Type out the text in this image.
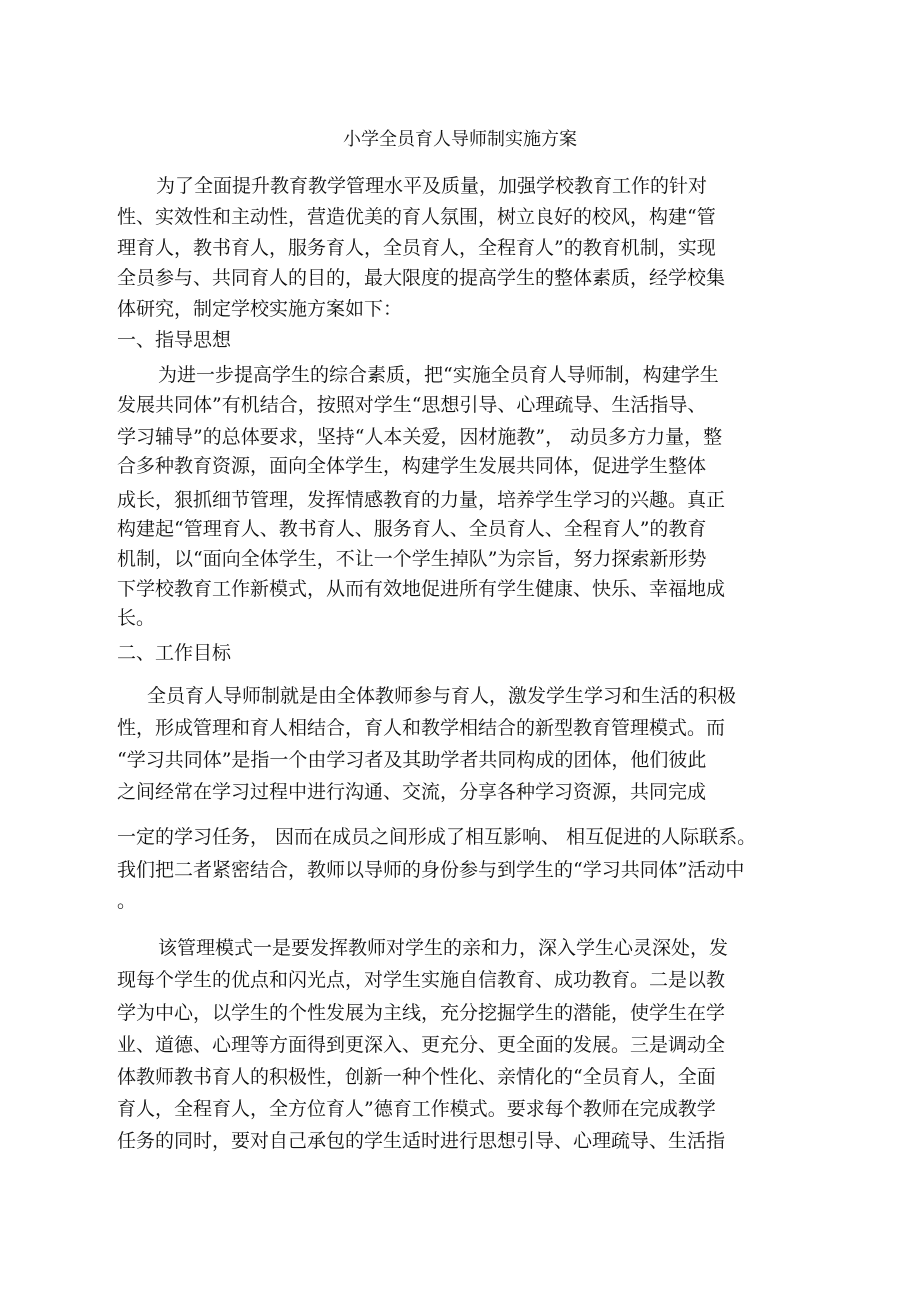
小学全员育人导师制实施方案
为了全面提升教育教学管理水平及质量，加强学校教育工作的针对
性、实效性和主动性，营造优美的育人氛围，树立良好的校风，构建“管
理育人，教书育人，服务育人，全员育人，全程育人”的教育机制，实现
全员参与、共同育人的目的，最大限度的提高学生的整体素质，经学校集
体研究，制定学校实施方案如下：
一、指导思想
为进一步提高学生的综合素质，把“实施全员育人导师制，构建学生
发展共同体”有机结合，按照对学生“思想引导、心理疏导、生活指导、
学习辅导”的总体要求，坚持“人本关爱，因材施教”， 动员多方力量，整
合多种教育资源，面向全体学生，构建学生发展共同体，促进学生整体
成长，狠抓细节管理，发挥情感教育的力量，培养学生学习的兴趣。真正
构建起“管理育人、教书育人、服务育人、全员育人、全程育人”的教育
机制，以“面向全体学生，不让一个学生掉队”为宗旨，努力探索新形势
下学校教育工作新模式，从而有效地促进所有学生健康、快乐、幸福地成
长。
二、工作目标
全员育人导师制就是由全体教师参与育人，激发学生学习和生活的积极
性，形成管理和育人相结合，育人和教学相结合的新型教育管理模式。而
“学习共同体”是指一个由学习者及其助学者共同构成的团体，他们彼此
之间经常在学习过程中进行沟通、交流，分享各种学习资源，共同完成
一定的学习任务， 因而在成员之间形成了相互影响、 相互促进的人际联系。
我们把二者紧密结合，教师以导师的身份参与到学生的“学习共同体”活动中
。
该管理模式一是要发挥教师对学生的亲和力，深入学生心灵深处，发
现每个学生的优点和闪光点，对学生实施自信教育、成功教育。二是以教
学为中心，以学生的个性发展为主线，充分挖掘学生的潜能，使学生在学
业、道德、心理等方面得到更深入、更充分、更全面的发展。三是调动全
体教师教书育人的积极性，创新一种个性化、亲情化的“全员育人，全面
育人，全程育人，全方位育人”德育工作模式。要求每个教师在完成教学
任务的同时，要对自己承包的学生适时进行思想引导、心理疏导、生活指
